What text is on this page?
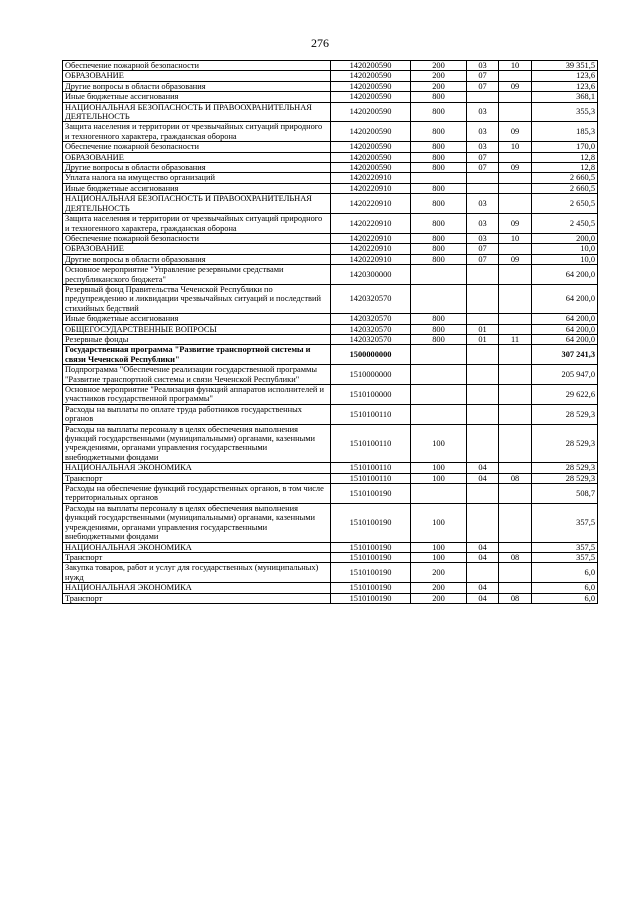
276
Обеспечение пожарной безопасности	1420200590	200	03	10	39 351,5
ОБРАЗОВАНИЕ	1420200590	200	07		123,6
Другие вопросы в области образования	1420200590	200	07	09	123,6
Иные бюджетные ассигнования	1420200590	800			368,1
НАЦИОНАЛЬНАЯ БЕЗОПАСНОСТЬ И ПРАВООХРАНИТЕЛЬНАЯ ДЕЯТЕЛЬНОСТЬ	1420200590	800	03		355,3
Защита населения и территории от чрезвычайных ситуаций природного и техногенного характера, гражданская оборона	1420200590	800	03	09	185,3
Обеспечение пожарной безопасности	1420200590	800	03	10	170,0
ОБРАЗОВАНИЕ	1420200590	800	07		12,8
Другие вопросы в области образования	1420200590	800	07	09	12,8
Уплата налога на имущество организаций	1420220910				2 660,5
Иные бюджетные ассигнования	1420220910	800			2 660,5
НАЦИОНАЛЬНАЯ БЕЗОПАСНОСТЬ И ПРАВООХРАНИТЕЛЬНАЯ ДЕЯТЕЛЬНОСТЬ	1420220910	800	03		2 650,5
Защита населения и территории от чрезвычайных ситуаций природного и техногенного характера, гражданская оборона	1420220910	800	03	09	2 450,5
Обеспечение пожарной безопасности	1420220910	800	03	10	200,0
ОБРАЗОВАНИЕ	1420220910	800	07		10,0
Другие вопросы в области образования	1420220910	800	07	09	10,0
Основное мероприятие "Управление резервными средствами республиканского бюджета"	1420300000				64 200,0
Резервный фонд Правительства Чеченской Республики по предупреждению и ликвидации чрезвычайных ситуаций и последствий стихийных бедствий	1420320570				64 200,0
Иные бюджетные ассигнования	1420320570	800			64 200,0
ОБЩЕГОСУДАРСТВЕННЫЕ ВОПРОСЫ	1420320570	800	01		64 200,0
Резервные фонды	1420320570	800	01	11	64 200,0
Государственная программа "Развитие транспортной системы и связи Чеченской Республики"	1500000000				307 241,3
Подпрограмма "Обеспечение реализации государственной программы "Развитие транспортной системы и связи Чеченской Республики"	1510000000				205 947,0
Основное мероприятие "Реализация функций аппаратов исполнителей и участников государственной программы"	1510100000				29 622,6
Расходы на выплаты по оплате труда работников государственных органов	1510100110				28 529,3
Расходы на выплаты персоналу в целях обеспечения выполнения функций государственными (муниципальными) органами, казенными учреждениями, органами управления государственными внебюджетными фондами	1510100110	100			28 529,3
НАЦИОНАЛЬНАЯ ЭКОНОМИКА	1510100110	100	04		28 529,3
Транспорт	1510100110	100	04	08	28 529,3
Расходы на обеспечение функций государственных органов, в том числе территориальных органов	1510100190				508,7
Расходы на выплаты персоналу в целях обеспечения выполнения функций государственными (муниципальными) органами, казенными учреждениями, органами управления государственными внебюджетными фондами	1510100190	100			357,5
НАЦИОНАЛЬНАЯ ЭКОНОМИКА	1510100190	100	04		357,5
Транспорт	1510100190	100	04	08	357,5
Закупка товаров, работ и услуг для государственных (муниципальных) нужд	1510100190	200			6,0
НАЦИОНАЛЬНАЯ ЭКОНОМИКА	1510100190	200	04		6,0
Транспорт	1510100190	200	04	08	6,0
